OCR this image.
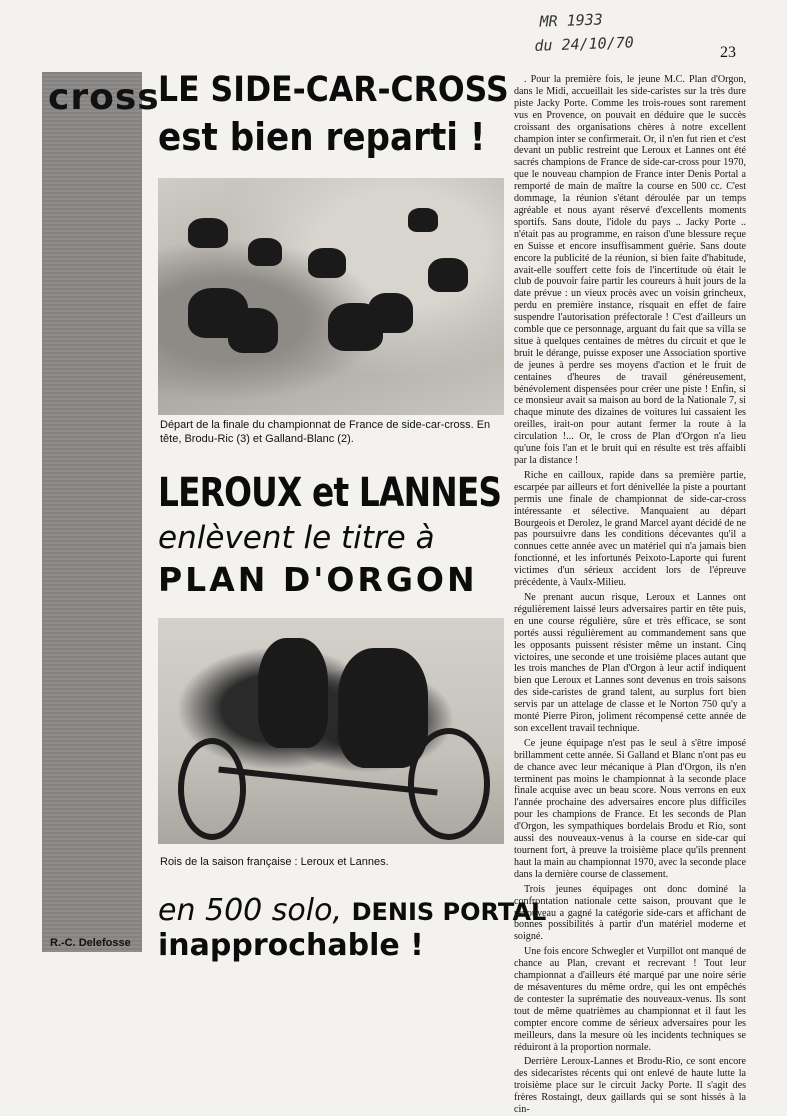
MR 1933
du 24/10/70	23
cross
R.-C. Delefosse
LE SIDE-CAR-CROSS
est bien reparti !
Départ de la finale du championnat de France de side-car-cross. En tête, Brodu-Ric (3) et Galland-Blanc (2).
LEROUX et LANNES
enlèvent le titre à
PLAN D'ORGON
Rois de la saison française : Leroux et Lannes.
en 500 solo, DENIS PORTAL
inapprochable !

. Pour la première fois, le jeune M.C. Plan d'Orgon, dans le Midi, accueillait les side-caristes sur la très dure piste Jacky Porte. Comme les trois-roues sont rarement vus en Provence, on pouvait en déduire que le succès croissant des organisations chères à notre excellent champion inter se confirmerait. Or, il n'en fut rien et c'est devant un public restreint que Leroux et Lannes ont été sacrés champions de France de side-car-cross pour 1970, que le nouveau champion de France inter Denis Portal a remporté de main de maître la course en 500 cc. C'est dommage, la réunion s'étant déroulée par un temps agréable et nous ayant réservé d'excellents moments sportifs. Sans doute, l'idole du pays .. Jacky Porte .. n'était pas au programme, en raison d'une blessure reçue en Suisse et encore insuffisamment guérie. Sans doute encore la publicité de la réunion, si bien faite d'habitude, avait-elle souffert cette fois de l'incertitude où était le club de pouvoir faire partir les coureurs à huit jours de la date prévue : un vieux procès avec un voisin grincheux, perdu en première instance, risquait en effet de faire suspendre l'autorisation préfectorale ! C'est d'ailleurs un comble que ce personnage, arguant du fait que sa villa se situe à quelques centaines de mètres du circuit et que le bruit le dérange, puisse exposer une Association sportive de jeunes à perdre ses moyens d'action et le fruit de centaines d'heures de travail généreusement, bénévolement dispensées pour créer une piste ! Enfin, si ce monsieur avait sa maison au bord de la Nationale 7, si chaque minute des dizaines de voitures lui cassaient les oreilles, irait-on pour autant fermer la route à la circulation !... Or, le cross de Plan d'Orgon n'a lieu qu'une fois l'an et le bruit qui en résulte est très affaibli par la distance !

Riche en cailloux, rapide dans sa première partie, escarpée par ailleurs et fort dénivellée la piste a pourtant permis une finale de championnat de side-car-cross intéressante et sélective. Manquaient au départ Bourgeois et Derolez, le grand Marcel ayant décidé de ne pas poursuivre dans les conditions décevantes qu'il a connues cette année avec un matériel qui n'a jamais bien fonctionné, et les infortunés Peixoto-Laporte qui furent victimes d'un sérieux accident lors de l'épreuve précédente, à Vaulx-Milieu.

Ne prenant aucun risque, Leroux et Lannes ont régulièrement laissé leurs adversaires partir en tête puis, en une course régulière, sûre et très efficace, se sont portés aussi régulièrement au commandement sans que les opposants puissent résister même un instant. Cinq victoires, une seconde et une troisième places autant que les trois manches de Plan d'Orgon à leur actif indiquent bien que Leroux et Lannes sont devenus en trois saisons des side-caristes de grand talent, au surplus fort bien servis par un attelage de classe et le Norton 750 qu'y a monté Pierre Piron, joliment récompensé cette année de son excellent travail technique.

Ce jeune équipage n'est pas le seul à s'être imposé brillamment cette année. Si Galland et Blanc n'ont pas eu de chance avec leur mécanique à Plan d'Orgon, ils n'en terminent pas moins le championnat à la seconde place finale acquise avec un beau score. Nous verrons en eux l'année prochaine des adversaires encore plus difficiles pour les champions de France. Et les seconds de Plan d'Orgon, les sympathiques bordelais Brodu et Rio, sont aussi des nouveaux-venus à la course en side-car qui tournent fort, à preuve la troisième place qu'ils prennent haut la main au championnat 1970, avec la seconde place dans la dernière course de classement.

Trois jeunes équipages ont donc dominé la confrontation nationale cette saison, prouvant que le renouveau a gagné la catégorie side-cars et affichant de bonnes possibilités à partir d'un matériel moderne et soigné.

Une fois encore Schwegler et Vurpillot ont manqué de chance au Plan, crevant et recrevant ! Tout leur championnat a d'ailleurs été marqué par une noire série de mésaventures du même ordre, qui les ont empêchés de contester la suprématie des nouveaux-venus. Ils sont tout de même quatrièmes au championnat et il faut les compter encore comme de sérieux adversaires pour les meilleurs, dans la mesure où les incidents techniques se réduiront à la proportion normale.

Derrière Leroux-Lannes et Brodu-Rio, ce sont encore des sidecaristes récents qui ont enlevé de haute lutte la troisième place sur le circuit Jacky Porte. Il s'agit des frères Rostaingt, deux gaillards qui se sont hissés à la cin-
